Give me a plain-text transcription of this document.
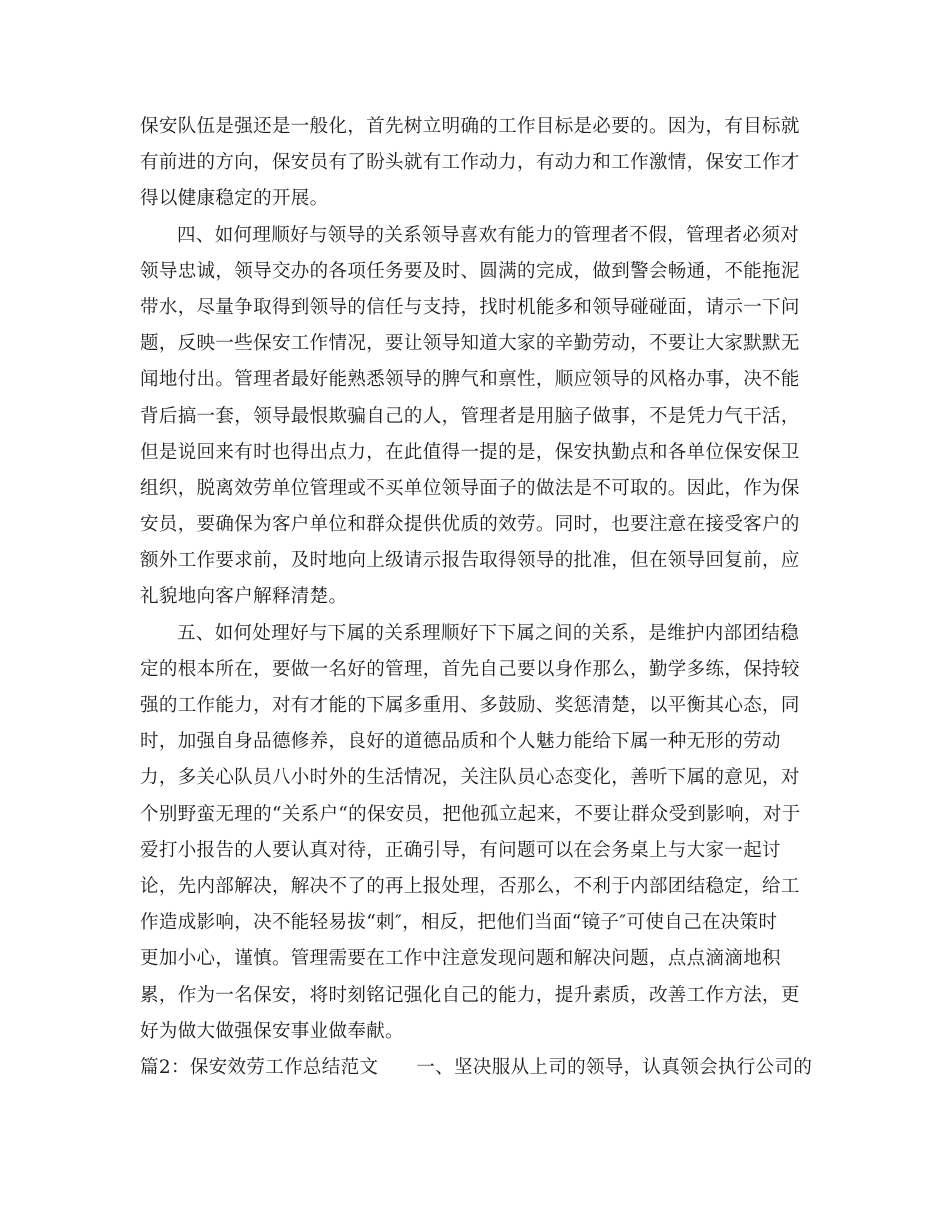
保安队伍是强还是一般化，首先树立明确的工作目标是必要的。因为，有目标就
有前进的方向，保安员有了盼头就有工作动力，有动力和工作激情，保安工作才
得以健康稳定的开展。
四、如何理顺好与领导的关系领导喜欢有能力的管理者不假，管理者必须对
领导忠诚，领导交办的各项任务要及时、圆满的完成，做到警会畅通，不能拖泥
带水，尽量争取得到领导的信任与支持，找时机能多和领导碰碰面，请示一下问
题，反映一些保安工作情况，要让领导知道大家的辛勤劳动，不要让大家默默无
闻地付出。管理者最好能熟悉领导的脾气和禀性，顺应领导的风格办事，决不能
背后搞一套，领导最恨欺骗自己的人，管理者是用脑子做事，不是凭力气干活，
但是说回来有时也得出点力，在此值得一提的是，保安执勤点和各单位保安保卫
组织，脱离效劳单位管理或不买单位领导面子的做法是不可取的。因此，作为保
安员，要确保为客户单位和群众提供优质的效劳。同时，也要注意在接受客户的
额外工作要求前，及时地向上级请示报告取得领导的批准，但在领导回复前，应
礼貌地向客户解释清楚。
五、如何处理好与下属的关系理顺好下下属之间的关系，是维护内部团结稳
定的根本所在，要做一名好的管理，首先自己要以身作那么，勤学多练，保持较
强的工作能力，对有才能的下属多重用、多鼓励、奖惩清楚，以平衡其心态，同
时，加强自身品德修养，良好的道德品质和个人魅力能给下属一种无形的劳动
力，多关心队员八小时外的生活情况，关注队员心态变化，善听下属的意见，对
个别野蛮无理的“关系户“的保安员，把他孤立起来，不要让群众受到影响，对于
爱打小报告的人要认真对待，正确引导，有问题可以在会务桌上与大家一起讨
论，先内部解决，解决不了的再上报处理，否那么，不利于内部团结稳定，给工
作造成影响，决不能轻易拔“刺″，相反，把他们当面“镜子″可使自己在决策时
更加小心，谨慎。管理需要在工作中注意发现问题和解决问题，点点滴滴地积
累，作为一名保安，将时刻铭记强化自己的能力，提升素质，改善工作方法，更
好为做大做强保安事业做奉献。
篇2：保安效劳工作总结范文 一、坚决服从上司的领导，认真领会执行公司的
